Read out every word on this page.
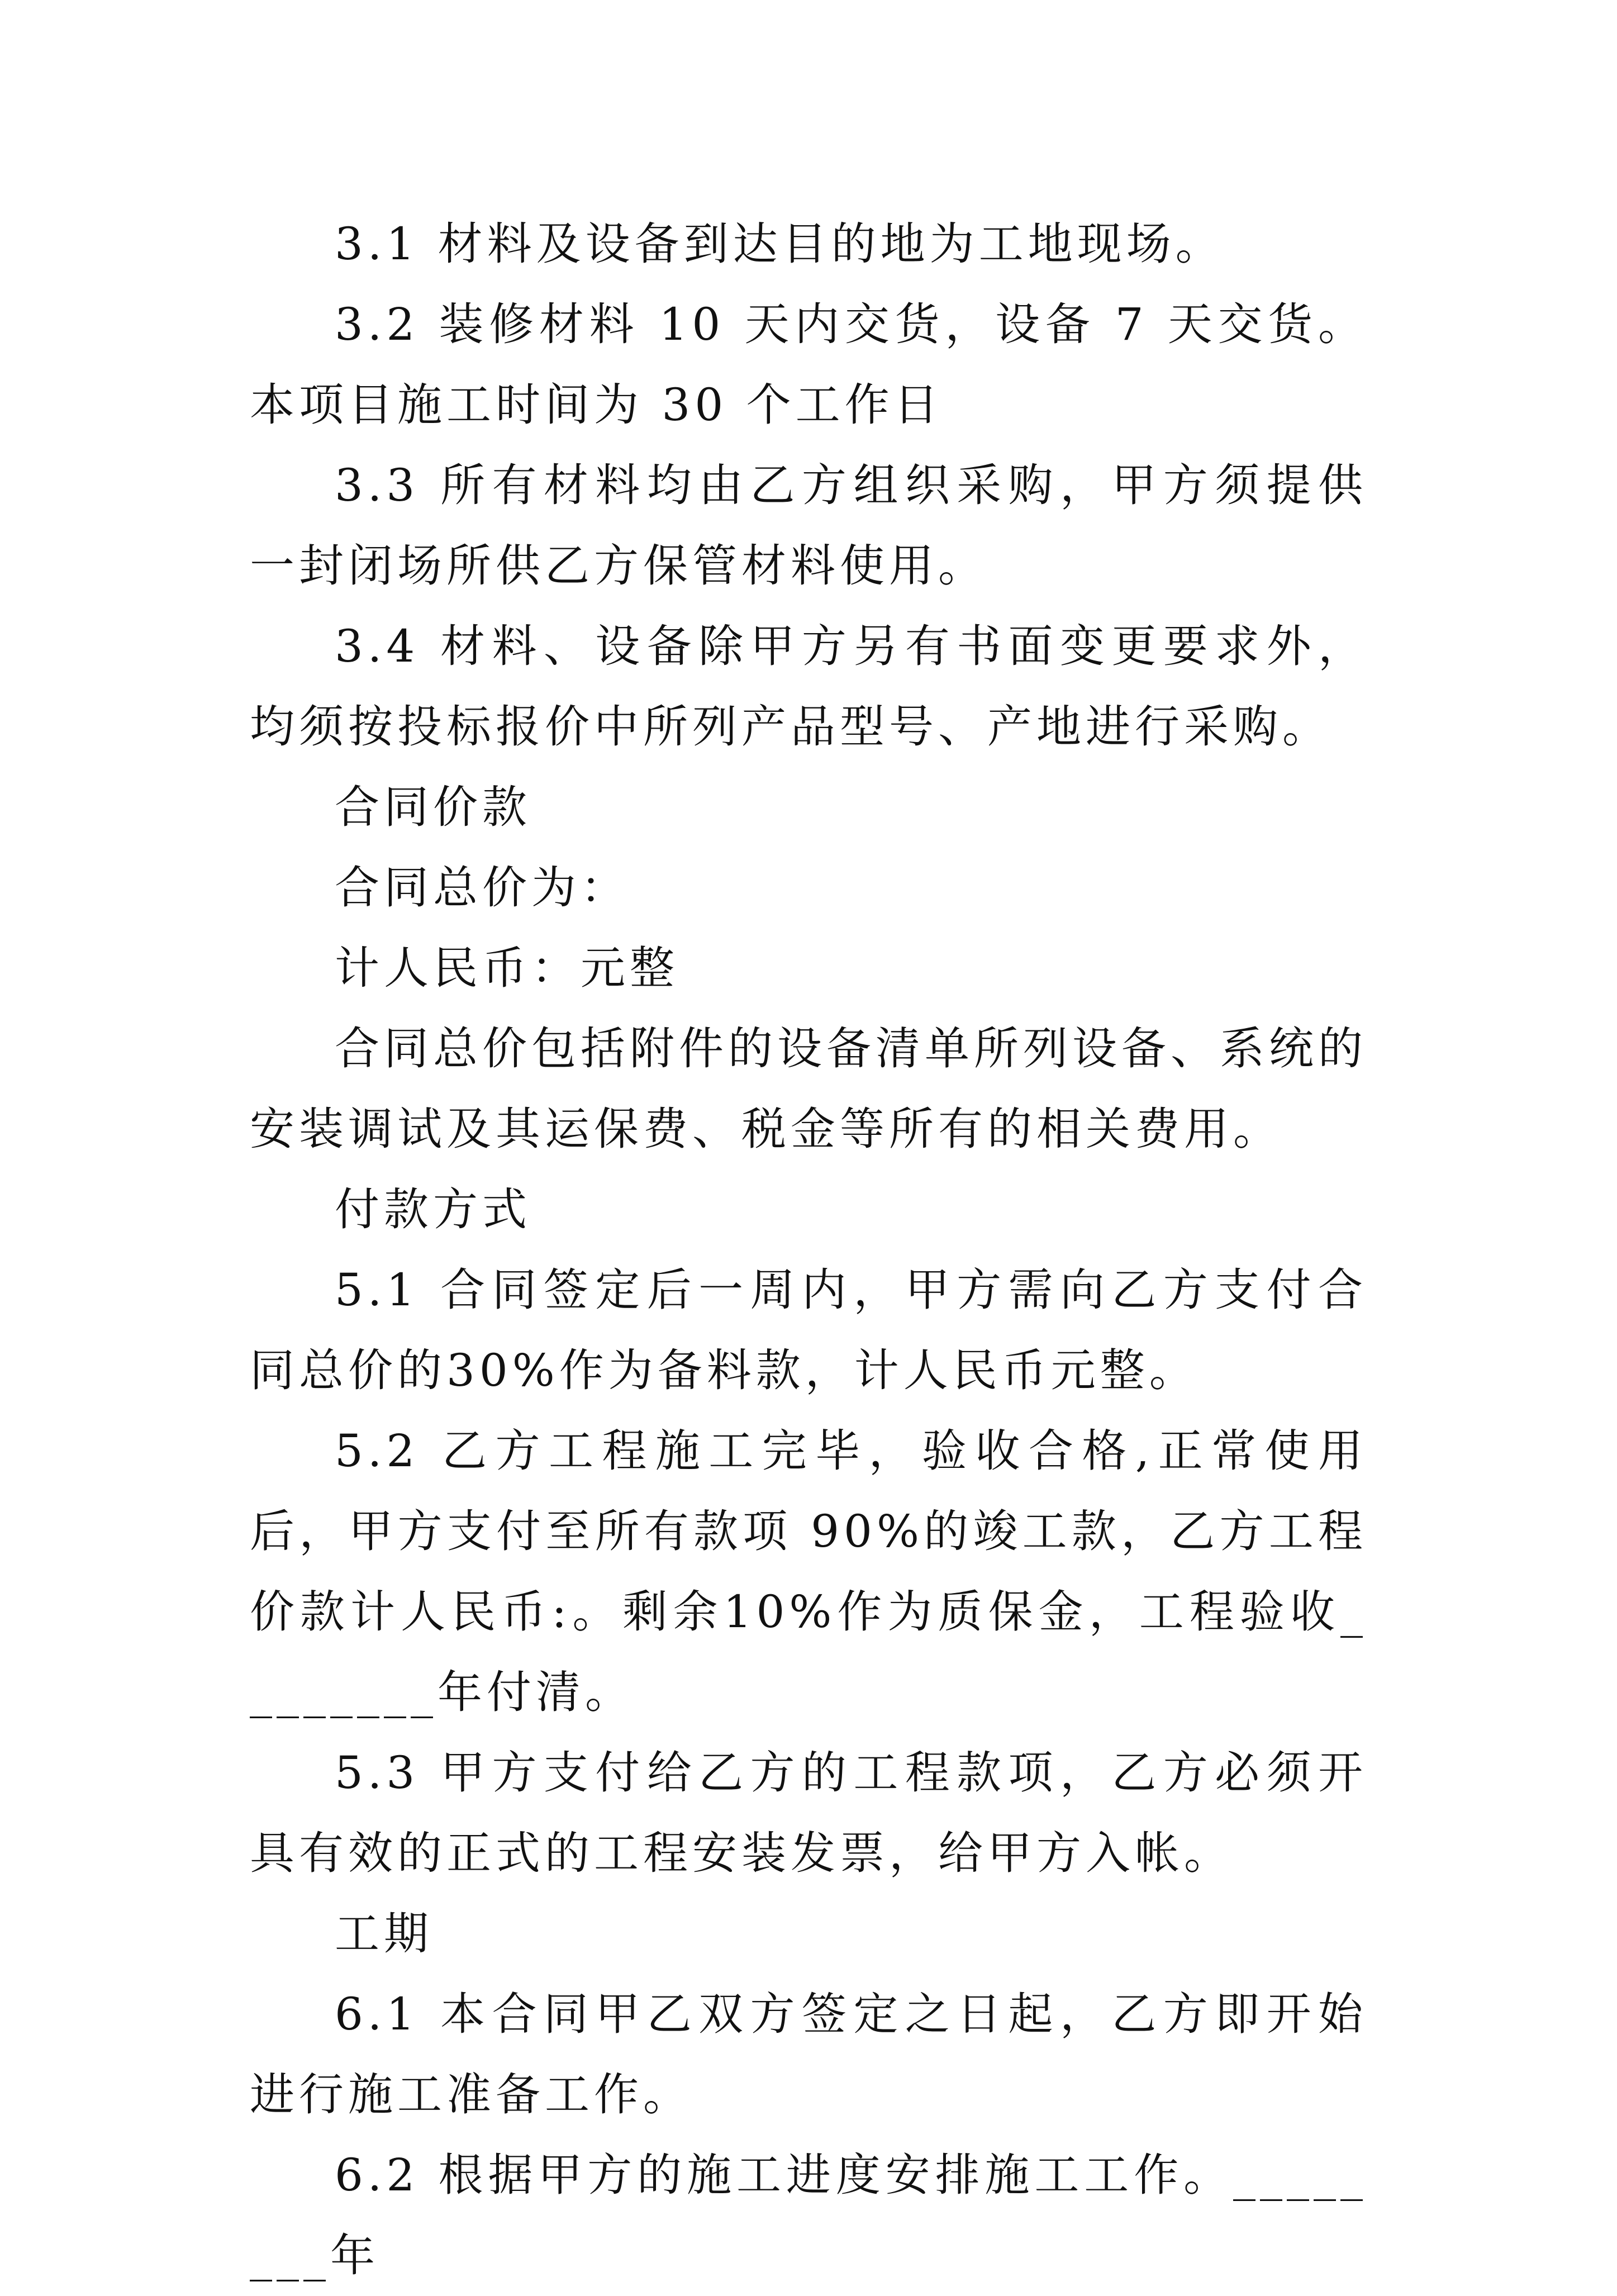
3.1 材料及设备到达目的地为工地现场。

3.2 装修材料 10 天内交货，设备 7 天交货。本项目施工时间为 30 个工作日

3.3 所有材料均由乙方组织采购，甲方须提供一封闭场所供乙方保管材料使用。

3.4 材料、设备除甲方另有书面变更要求外，均须按投标报价中所列产品型号、产地进行采购。

合同价款

合同总价为：

计人民币：元整

合同总价包括附件的设备清单所列设备、系统的安装调试及其运保费、税金等所有的相关费用。

付款方式

5.1 合同签定后一周内，甲方需向乙方支付合同总价的30%作为备料款，计人民币元整。

5.2 乙方工程施工完毕，验收合格,正常使用后，甲方支付至所有款项 90%的竣工款，乙方工程价款计人民币:。剩余10%作为质保金，工程验收________年付清。

5.3 甲方支付给乙方的工程款项，乙方必须开具有效的正式的工程安装发票，给甲方入帐。

工期

6.1 本合同甲乙双方签定之日起，乙方即开始进行施工准备工作。

6.2 根据甲方的施工进度安排施工工作。________年
